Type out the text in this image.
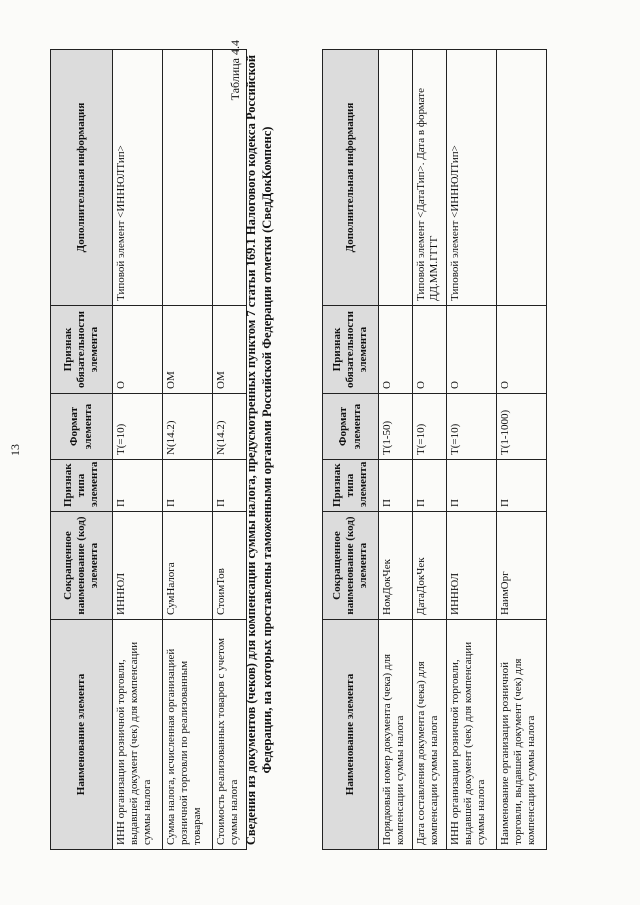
13
Наименование элемента	Сокращенное наименование (код) элемента	Признак типа элемента	Формат элемента	Признак обязательности элемента	Дополнительная информация
ИНН организации розничной торговли, выдавшей документ (чек) для компенсации суммы налога	ИННЮЛ	П	T(=10)	О	Типовой элемент <ИННЮЛТип>
Сумма налога, исчисленная организацией розничной торговли по реализованным товарам	СумНалога	П	N(14.2)	ОМ	
Стоимость реализованных товаров с учетом суммы налога	СтоимТов	П	N(14.2)	ОМ	
Таблица 4.4 Сведения из документов (чеков) для компенсации суммы налога, предусмотренных пунктом 7 статьи 169.1 Налогового кодекса Российской Федерации, на которых проставлены таможенными органами Российской Федерации отметки (СведДокКомпенс)	Наименование элемента	Сокращенное наименование (код) элемента	Признак типа элемента	Формат элемента	Признак обязательности элемента	Дополнительная информация
Порядковый номер документа (чека) для компенсации суммы налога	НомДокЧек	П	T(1-50)	О	
Дата составления документа (чека) для компенсации суммы налога	ДатаДокЧек	П	T(=10)	О	Типовой элемент <ДатаТип>. Дата в формате ДД.ММ.ГГГГ
ИНН организации розничной торговли, выдавшей документ (чек) для компенсации суммы налога	ИННЮЛ	П	T(=10)	О	Типовой элемент <ИННЮЛТип>
Наименование организации розничной торговли, выдавшей документ (чек) для компенсации суммы налога	НаимОрг	П	T(1-1000)	О	
